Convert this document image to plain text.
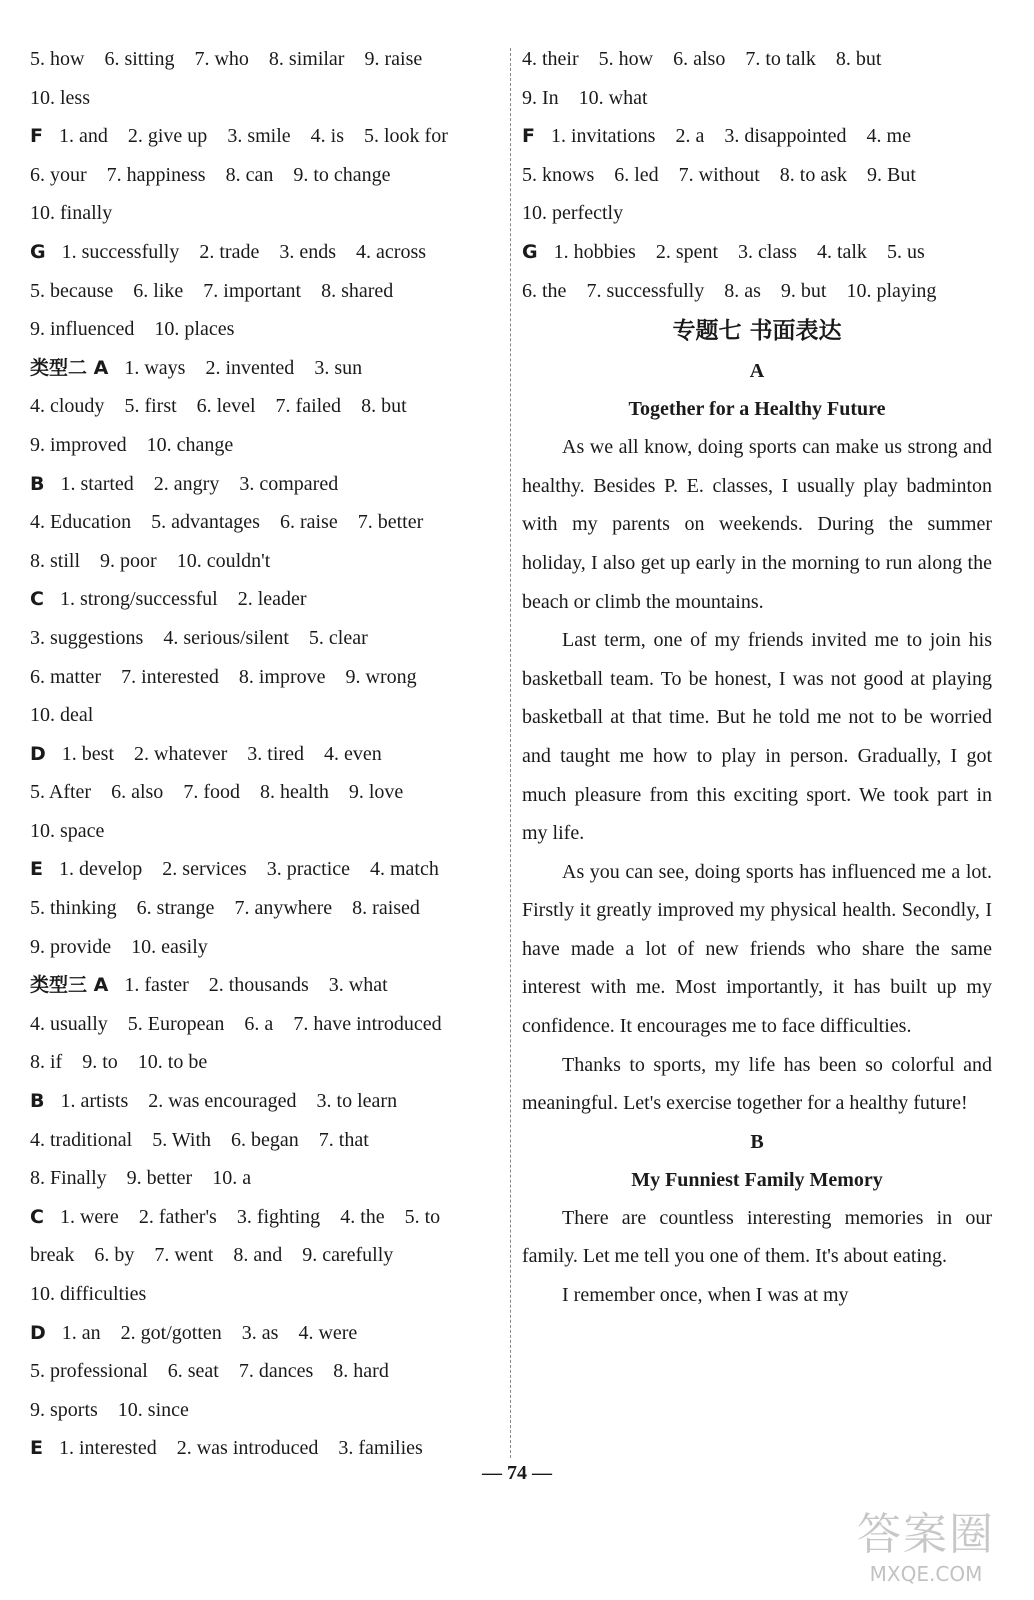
5. how 6. sitting 7. who 8. similar 9. raise
10. less
F 1. and 2. give up 3. smile 4. is 5. look for
6. your 7. happiness 8. can 9. to change
10. finally
G 1. successfully 2. trade 3. ends 4. across
5. because 6. like 7. important 8. shared
9. influenced 10. places
类型二 A 1. ways 2. invented 3. sun
4. cloudy 5. first 6. level 7. failed 8. but
9. improved 10. change
B 1. started 2. angry 3. compared
4. Education 5. advantages 6. raise 7. better
8. still 9. poor 10. couldn't
C 1. strong/successful 2. leader
3. suggestions 4. serious/silent 5. clear
6. matter 7. interested 8. improve 9. wrong
10. deal
D 1. best 2. whatever 3. tired 4. even
5. After 6. also 7. food 8. health 9. love
10. space
E 1. develop 2. services 3. practice 4. match
5. thinking 6. strange 7. anywhere 8. raised
9. provide 10. easily
类型三 A 1. faster 2. thousands 3. what
4. usually 5. European 6. a 7. have introduced
8. if 9. to 10. to be
B 1. artists 2. was encouraged 3. to learn
4. traditional 5. With 6. began 7. that
8. Finally 9. better 10. a
C 1. were 2. father's 3. fighting 4. the 5. to
break 6. by 7. went 8. and 9. carefully
10. difficulties
D 1. an 2. got/gotten 3. as 4. were
5. professional 6. seat 7. dances 8. hard
9. sports 10. since
E 1. interested 2. was introduced 3. families
4. their 5. how 6. also 7. to talk 8. but
9. In 10. what
F 1. invitations 2. a 3. disappointed 4. me
5. knows 6. led 7. without 8. to ask 9. But
10. perfectly
G 1. hobbies 2. spent 3. class 4. talk 5. us
6. the 7. successfully 8. as 9. but 10. playing
专题七 书面表达
A
Together for a Healthy Future

As we all know, doing sports can make us strong and healthy. Besides P. E. classes, I usually play badminton with my parents on weekends. During the summer holiday, I also get up early in the morning to run along the beach or climb the mountains.

Last term, one of my friends invited me to join his basketball team. To be honest, I was not good at playing basketball at that time. But he told me not to be worried and taught me how to play in person. Gradually, I got much pleasure from this exciting sport. We took part in my life.

As you can see, doing sports has influenced me a lot. Firstly it greatly improved my physical health. Secondly, I have made a lot of new friends who share the same interest with me. Most importantly, it has built up my confidence. It encourages me to face difficulties.

Thanks to sports, my life has been so colorful and meaningful. Let's exercise together for a healthy future!

B
My Funniest Family Memory

There are countless interesting memories in our family. Let me tell you one of them. It's about eating.

I remember once, when I was at my

— 74 —
答案圈
MXQE.COM
